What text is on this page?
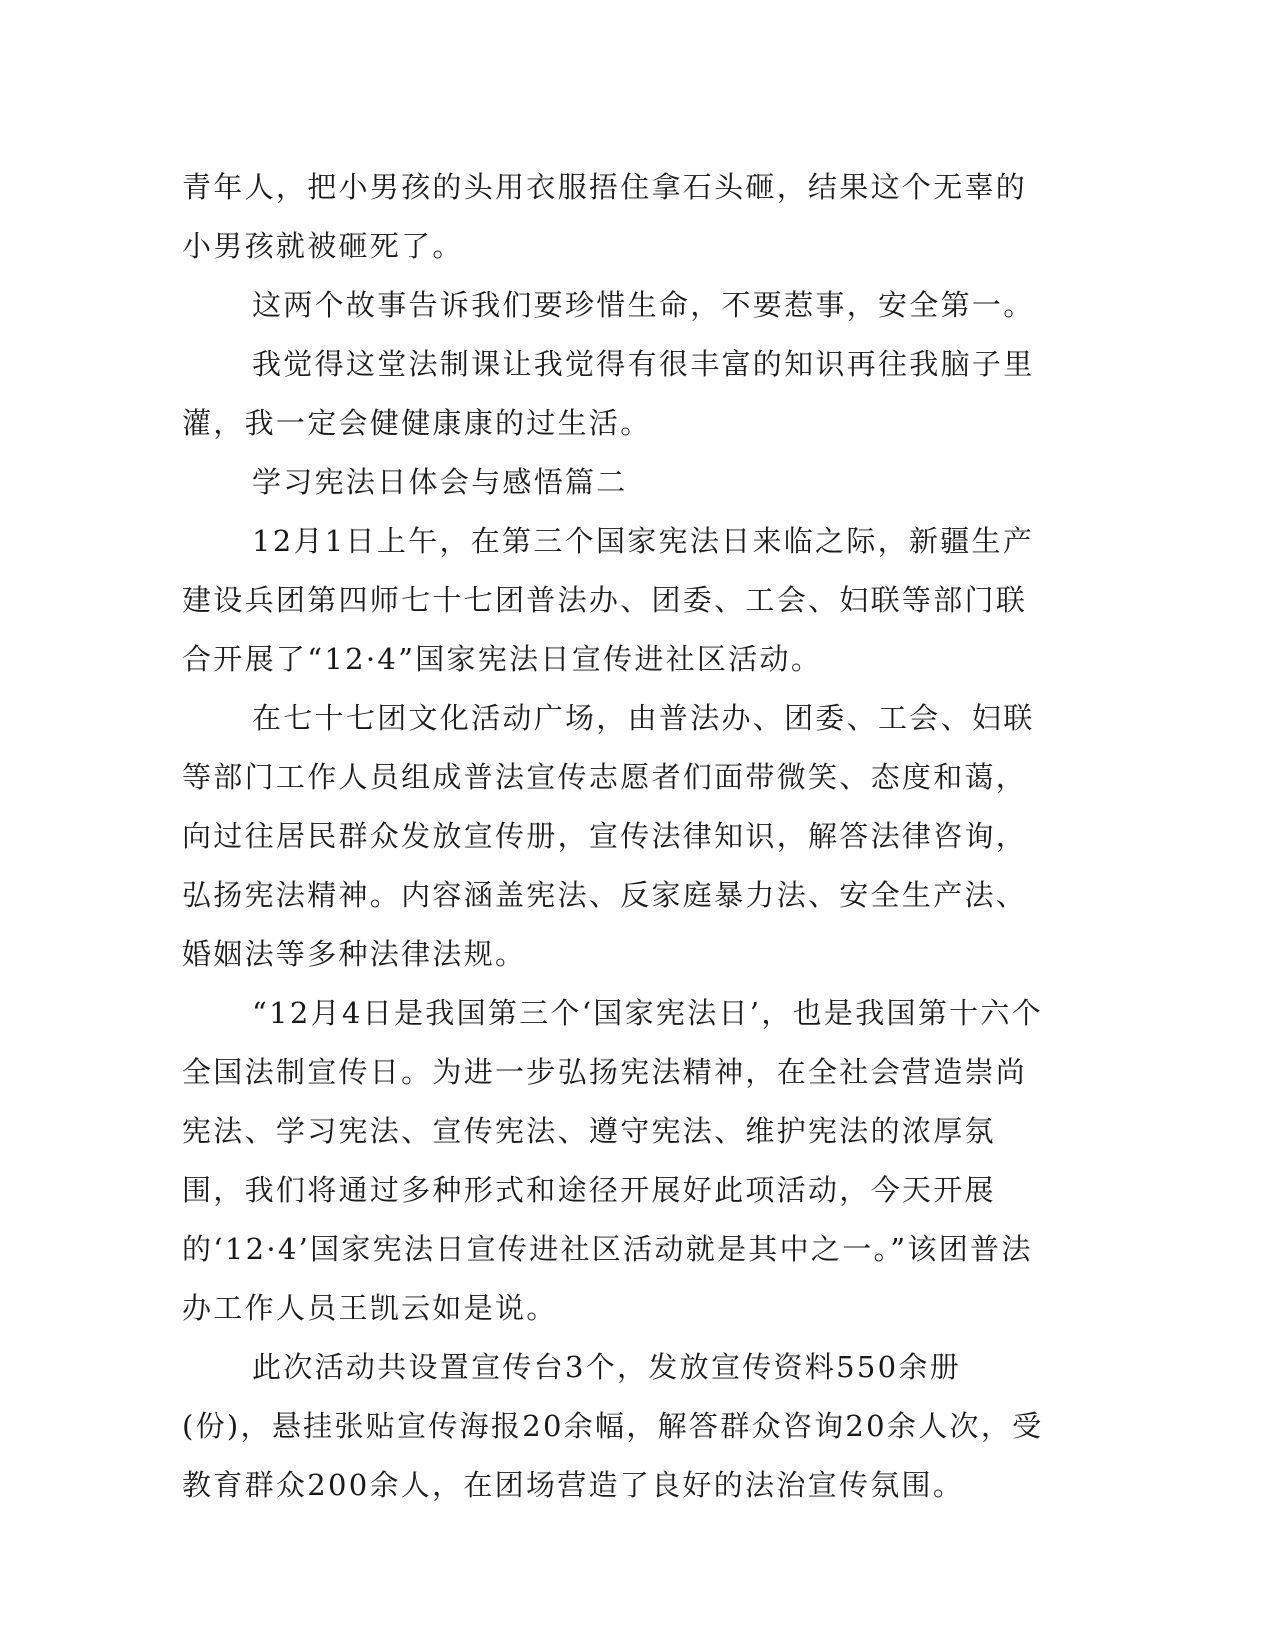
青年人，把小男孩的头用衣服捂住拿石头砸，结果这个无辜的小男孩就被砸死了。

这两个故事告诉我们要珍惜生命，不要惹事，安全第一。

我觉得这堂法制课让我觉得有很丰富的知识再往我脑子里灌，我一定会健健康康的过生活。

学习宪法日体会与感悟篇二

12月1日上午，在第三个国家宪法日来临之际，新疆生产建设兵团第四师七十七团普法办、团委、工会、妇联等部门联合开展了“12·4”国家宪法日宣传进社区活动。

在七十七团文化活动广场，由普法办、团委、工会、妇联等部门工作人员组成普法宣传志愿者们面带微笑、态度和蔼，向过往居民群众发放宣传册，宣传法律知识，解答法律咨询，弘扬宪法精神。内容涵盖宪法、反家庭暴力法、安全生产法、婚姻法等多种法律法规。

“12月4日是我国第三个‘国家宪法日’，也是我国第十六个全国法制宣传日。为进一步弘扬宪法精神，在全社会营造崇尚宪法、学习宪法、宣传宪法、遵守宪法、维护宪法的浓厚氛围，我们将通过多种形式和途径开展好此项活动，今天开展的‘12·4’国家宪法日宣传进社区活动就是其中之一。”该团普法办工作人员王凯云如是说。

此次活动共设置宣传台3个，发放宣传资料550余册(份)，悬挂张贴宣传海报20余幅，解答群众咨询20余人次，受教育群众200余人，在团场营造了良好的法治宣传氛围。
